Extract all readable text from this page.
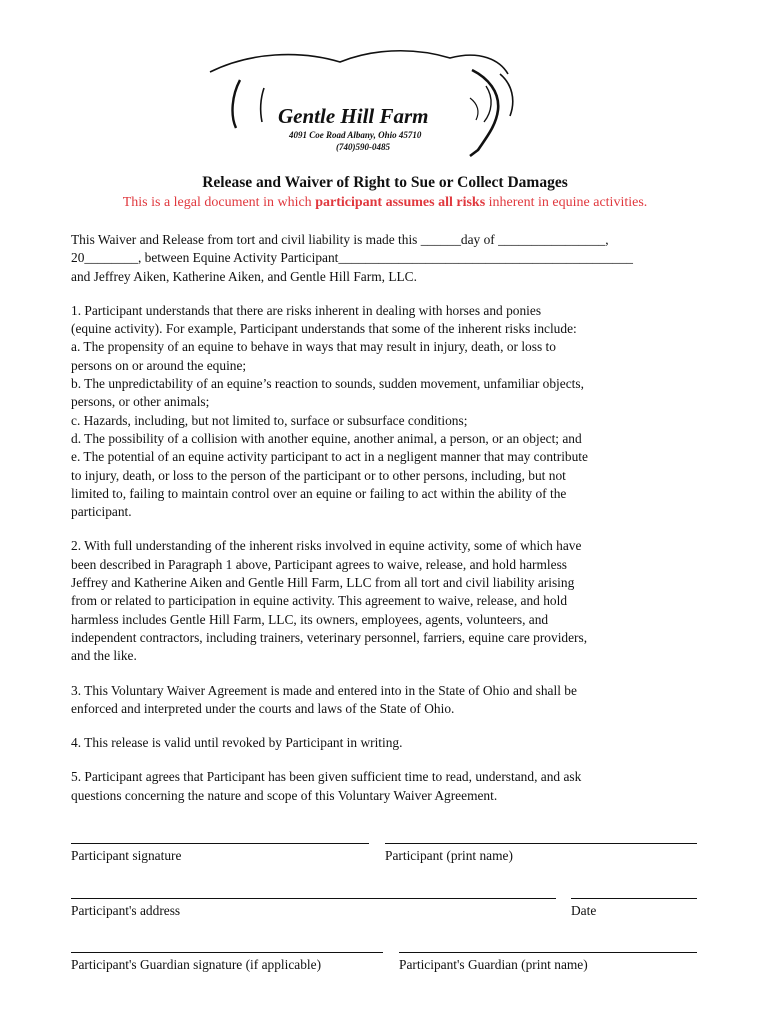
Gentle Hill Farm
4091 Coe Road Albany, Ohio 45710
(740)590-0485
Release and Waiver of Right to Sue or Collect Damages
This is a legal document in which participant assumes all risks inherent in equine activities.

This Waiver and Release from tort and civil liability is made this ______day of ________________,

20________, between Equine Activity Participant____________________________________________

and Jeffrey Aiken, Katherine Aiken, and Gentle Hill Farm, LLC.

1. Participant understands that there are risks inherent in dealing with horses and ponies

(equine activity). For example, Participant understands that some of the inherent risks include:

a. The propensity of an equine to behave in ways that may result in injury, death, or loss to

persons on or around the equine;

b. The unpredictability of an equine’s reaction to sounds, sudden movement, unfamiliar objects,

persons, or other animals;

c. Hazards, including, but not limited to, surface or subsurface conditions;

d. The possibility of a collision with another equine, another animal, a person, or an object; and

e. The potential of an equine activity participant to act in a negligent manner that may contribute

to injury, death, or loss to the person of the participant or to other persons, including, but not

limited to, failing to maintain control over an equine or failing to act within the ability of the

participant.

2. With full understanding of the inherent risks involved in equine activity, some of which have

been described in Paragraph 1 above, Participant agrees to waive, release, and hold harmless

Jeffrey and Katherine Aiken and Gentle Hill Farm, LLC from all tort and civil liability arising

from or related to participation in equine activity. This agreement to waive, release, and hold

harmless includes Gentle Hill Farm, LLC, its owners, employees, agents, volunteers, and

independent contractors, including trainers, veterinary personnel, farriers, equine care providers,

and the like.

3. This Voluntary Waiver Agreement is made and entered into in the State of Ohio and shall be

enforced and interpreted under the courts and laws of the State of Ohio.

4. This release is valid until revoked by Participant in writing.

5. Participant agrees that Participant has been given sufficient time to read, understand, and ask

questions concerning the nature and scope of this Voluntary Waiver Agreement.

Participant signature	Participant (print name)
Participant's address	Date
Participant's Guardian signature (if applicable)	Participant's Guardian (print name)
